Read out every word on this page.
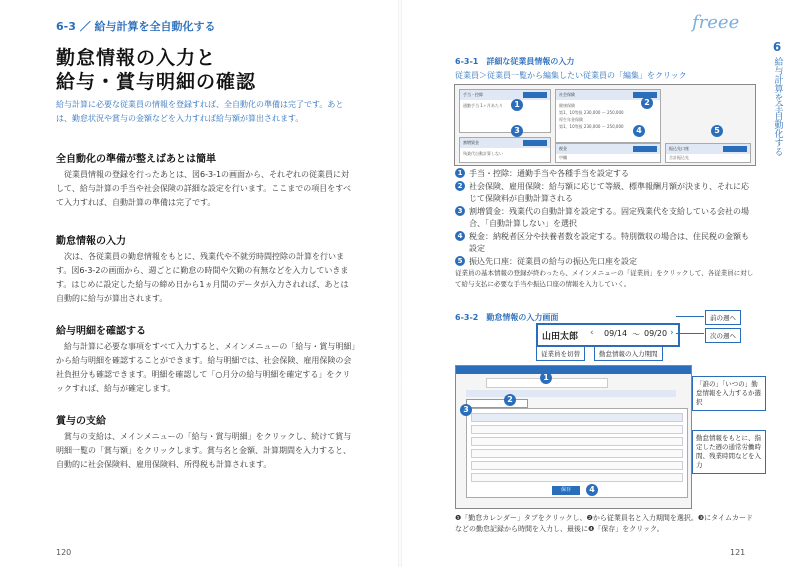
6-3 ／ 給与計算を全自動化する
勤怠情報の入力と
給与・賞与明細の確認
給与計算に必要な従業員の情報を登録すれば、全自動化の準備は完了です。あとは、勤怠状況や賞与の金額などを入力すれば給与額が算出されます。
全自動化の準備が整えばあとは簡単
従業員情報の登録を行ったあとは、図6-3-1の画面から、それぞれの従業員に対して、給与計算の手当や社会保険の詳細な設定を行います。ここまでの項目をすべて入力すれば、自動計算の準備は完了です。
勤怠情報の入力
次は、各従業員の勤怠情報をもとに、残業代や不就労時間控除の計算を行います。図6-3-2の画面から、週ごとに勤怠の時間や欠勤の有無などを入力していきます。はじめに設定した給与の締め日から1ヵ月間のデータが入力されれば、あとは自動的に給与が算出されます。
給与明細を確認する
給与計算に必要な事項をすべて入力すると、メインメニューの「給与・賞与明細」から給与明細を確認することができます。給与明細では、社会保険、雇用保険の会社負担分も確認できます。明細を確認して「○月分の給与明細を確定する」をクリックすれば、給与が確定します。
賞与の支給
賞与の支給は、メインメニューの「給与・賞与明細」をクリックし、続けて賞与明細一覧の「賞与額」をクリックします。賞与名と金額、計算期間を入力すると、自動的に社会保険料、雇用保険料、所得税も計算されます。
120
freee
6
給与計算を全自動化する
6-3-1　詳細な従業員情報の入力
従業員＞従業員一覧から編集したい従業員の「編集」をクリック
手当・控除
通勤手当 1ヶ月あたり
社会保険
健康保険
第1、10等級 230,000 〜 250,000
厚生年金保険
第1、10等級 230,000 〜 250,000
割増賃金
残業代自動計算しない
税金
甲欄
振込先口座
合計振込先
1	2
3	4	5
1 手当・控除：通勤手当や各種手当を設定する
2 社会保険、雇用保険：給与額に応じて等級、標準報酬月額が決まり、それに応じて保険料が自動計算される
3 割増賃金：残業代の自動計算を設定する。固定残業代を支給している会社の場合、「自動計算しない」を選択
4 税金：納税者区分や扶養者数を設定する。特別徴収の場合は、住民税の金額も設定
5 振込先口座：従業員の給与の振込先口座を設定
従業員の基本情報の登録が終わったら、メインメニューの「従業員」をクリックして、各従業員に対して給与支払に必要な手当や振込口座の情報を入力していく。
6-3-2　勤怠情報の入力画面	前の週へ
次の週へ
山田太郎 ‹ 09/14 〜 09/20 ›
従業員を切替	勤怠情報の入力期間
保存
1
2
3
4
「誰の」「いつの」勤怠情報を入力するか選択
勤怠情報をもとに、指定した週の通常労働時間、残業時間などを入力
❶「勤怠カレンダー」タブをクリックし、❷から従業員名と入力期間を選択。❸にタイムカードなどの勤怠記録から時間を入力し、最後に❹「保存」をクリック。
121
